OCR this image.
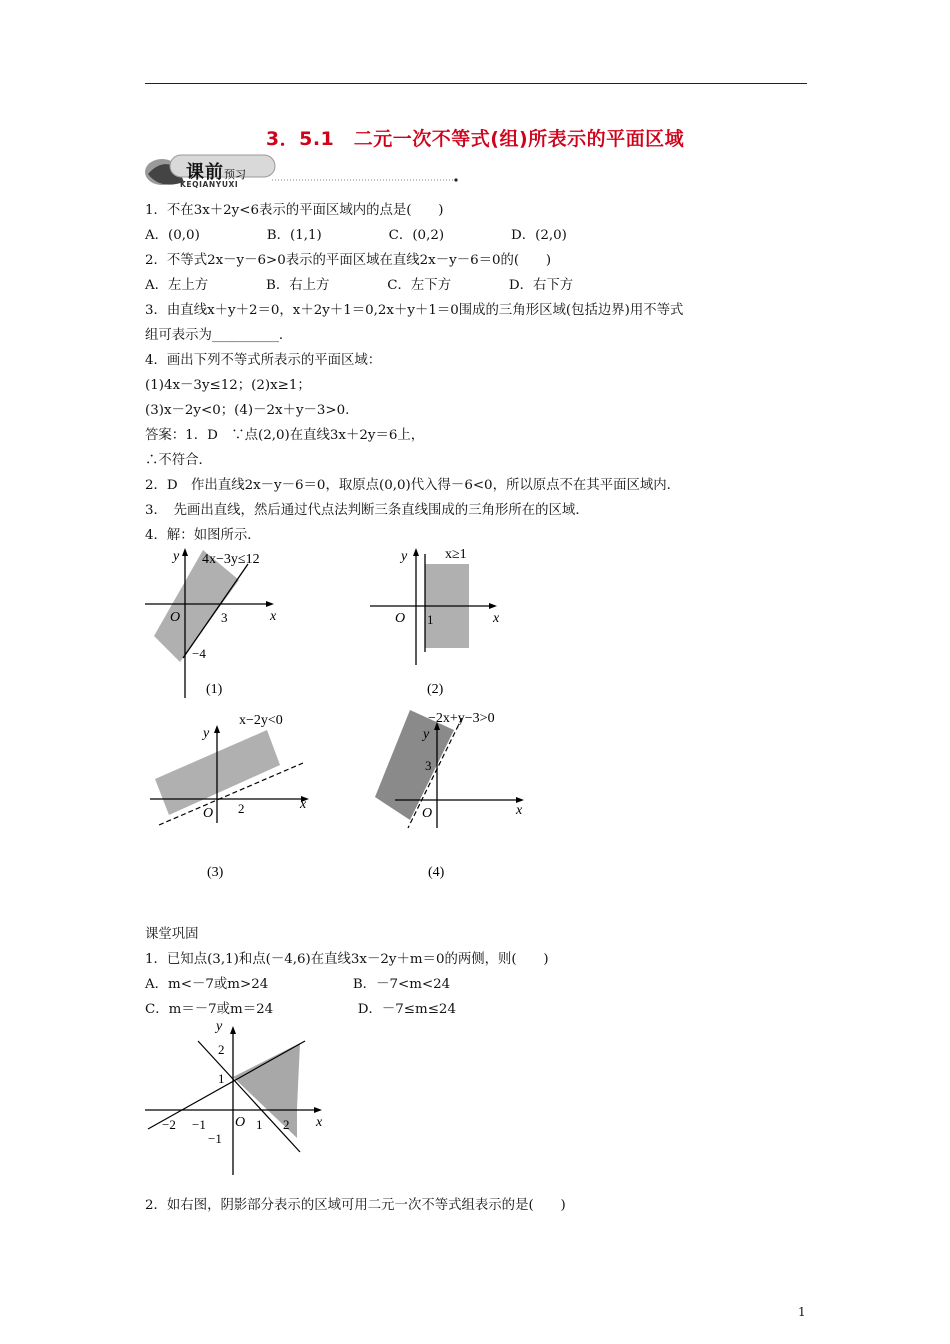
3．5.1　二元一次不等式(组)所表示的平面区域
课前预习
KEQIANYUXI
1．不在3x＋2y<6表示的平面区域内的点是(　　)
A．(0,0)　　　　　B．(1,1)　　　　　C．(0,2)　　　　　D．(2,0)
2．不等式2x－y－6>0表示的平面区域在直线2x－y－6＝0的(　　)
A．左上方　　　　 B．右上方　　　　 C．左下方　　　　 D．右下方
3．由直线x＋y＋2＝0，x＋2y＋1＝0,2x＋y＋1＝0围成的三角形区域(包括边界)用不等式
组可表示为__________．
4．画出下列不等式所表示的平面区域：
(1)4x－3y≤12；(2)x≥1；
(3)x－2y<0；(4)－2x＋y－3>0.
答案：1．D　∵点(2,0)在直线3x＋2y＝6上，
∴不符合．
2．D　作出直线2x－y－6＝0，取原点(0,0)代入得－6<0，所以原点不在其平面区域内．
3．　先画出直线，然后通过代点法判断三条直线围成的三角形所在的区域．
4．解：如图所示．
y
x
O	3
−4
4x−3y≤12
(1)
y
x
O 1
x≥1
(2)
y
x
O 2
x−2y<0
(3)
y
x
O
3
−2x+y−3>0
(4)
课堂巩固
1．已知点(3,1)和点(－4,6)在直线3x－2y＋m＝0的两侧，则(　　)
A．m<－7或m>24　　　　　　 B．－7<m<24
C．m＝－7或m＝24　　　　　　 D．－7≤m≤24
y
x
O
−2 −1	1 2
2
1
−1
2．如右图，阴影部分表示的区域可用二元一次不等式组表示的是(　　)
1
